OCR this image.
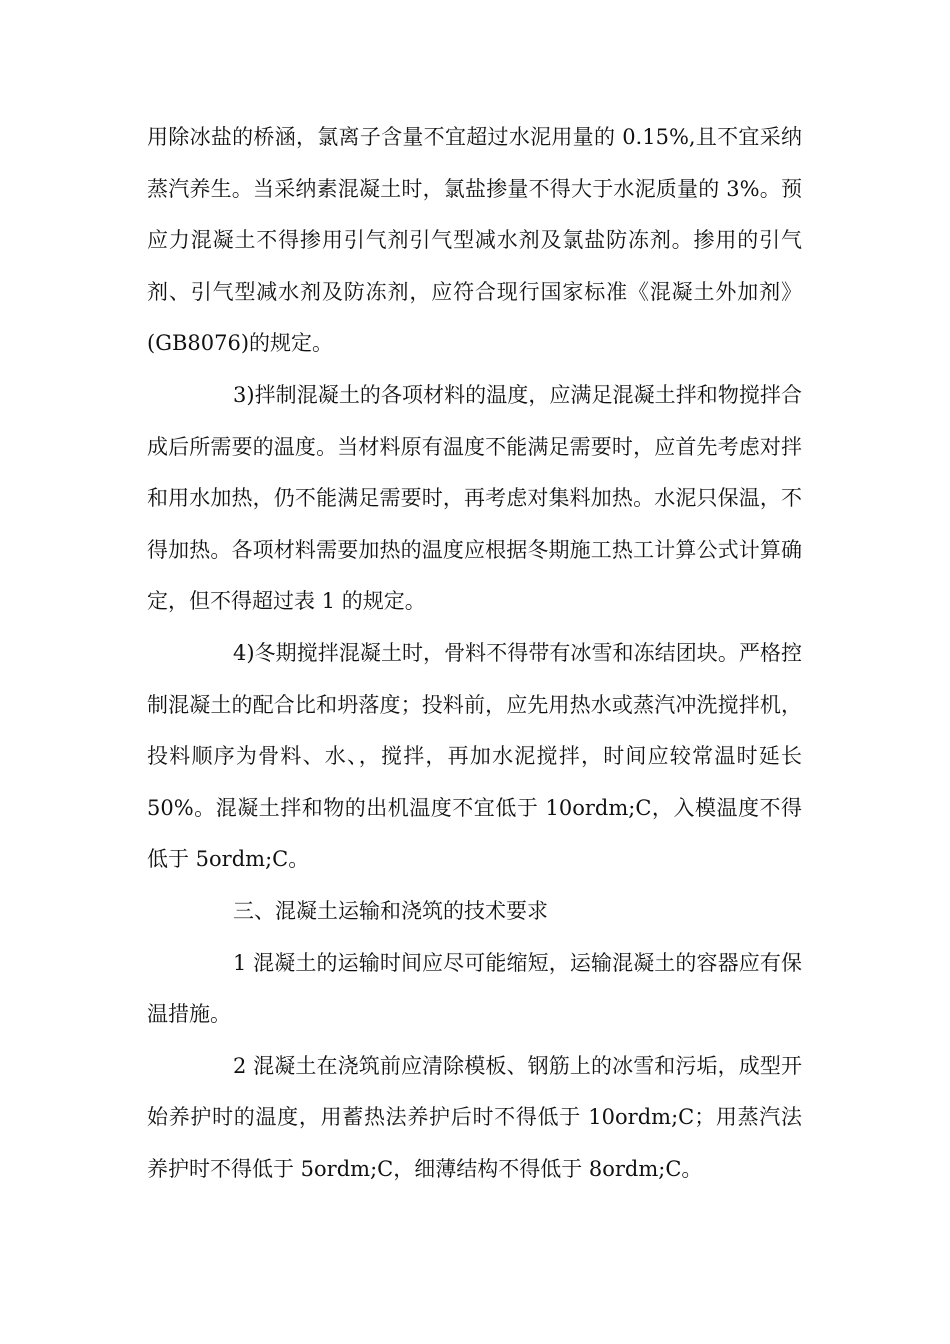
用除冰盐的桥涵，氯离子含量不宜超过水泥用量的 0.15%,且不宜采纳蒸汽养生。当采纳素混凝土时，氯盐掺量不得大于水泥质量的 3%。预应力混凝土不得掺用引气剂引气型减水剂及氯盐防冻剂。掺用的引气剂、引气型减水剂及防冻剂，应符合现行国家标准《混凝土外加剂》(GB8076)的规定。

3)拌制混凝土的各项材料的温度，应满足混凝土拌和物搅拌合成后所需要的温度。当材料原有温度不能满足需要时，应首先考虑对拌和用水加热，仍不能满足需要时，再考虑对集料加热。水泥只保温，不得加热。各项材料需要加热的温度应根据冬期施工热工计算公式计算确定，但不得超过表 1 的规定。

4)冬期搅拌混凝土时，骨料不得带有冰雪和冻结团块。严格控制混凝土的配合比和坍落度；投料前，应先用热水或蒸汽冲洗搅拌机，投料顺序为骨料、水、，搅拌，再加水泥搅拌，时间应较常温时延长 50%。混凝土拌和物的出机温度不宜低于 10ordm;C，入模温度不得低于 5ordm;C。

三、混凝土运输和浇筑的技术要求

1 混凝土的运输时间应尽可能缩短，运输混凝土的容器应有保温措施。

2 混凝土在浇筑前应清除模板、钢筋上的冰雪和污垢，成型开始养护时的温度，用蓄热法养护后时不得低于 10ordm;C；用蒸汽法养护时不得低于 5ordm;C，细薄结构不得低于 8ordm;C。
